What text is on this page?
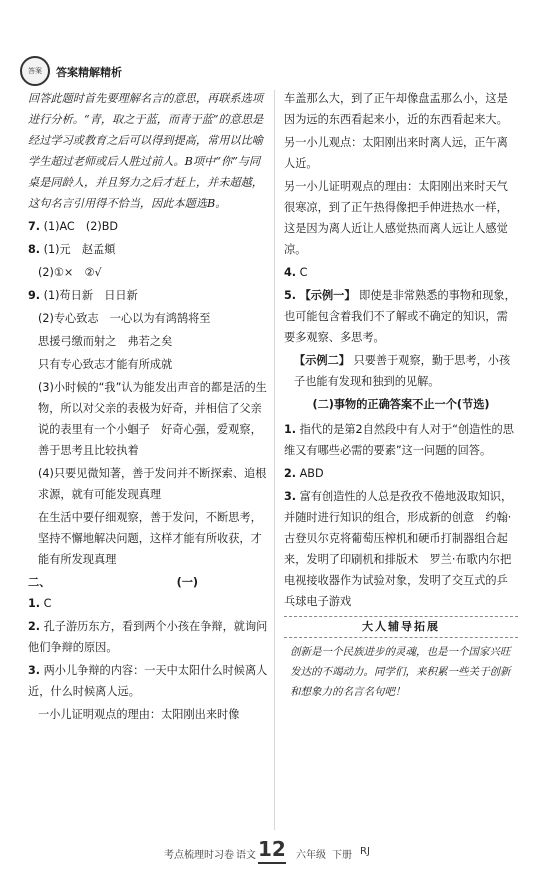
答案	答案精解精析

回答此题时首先要理解名言的意思，再联系选项进行分析。“青，取之于蓝，而青于蓝”的意思是经过学习或教育之后可以得到提高，常用以比喻学生超过老师或后人胜过前人。B项中“你”与同桌是同龄人，并且努力之后才赶上，并未超越，这句名言引用得不恰当，因此本题选B。

7. (1)AC　(2)BD

8. (1)元　赵孟頫

(2)①×　②√

9. (1)苟日新　日日新

(2)专心致志　一心以为有鸿鹄将至

思援弓缴而射之　弗若之矣

只有专心致志才能有所成就

(3)小时候的“我”认为能发出声音的都是活的生物，所以对父亲的表极为好奇，并相信了父亲说的表里有一个小蝈子　好奇心强，爱观察，善于思考且比较执着

(4)只要见微知著，善于发问并不断探索、追根求源，就有可能发现真理

在生活中要仔细观察，善于发问，不断思考，坚持不懈地解决问题，这样才能有所收获，才能有所发现真理

二、	(一)

1. C

2. 孔子游历东方，看到两个小孩在争辩，就询问他们争辩的原因。

3. 两小儿争辩的内容：一天中太阳什么时候离人近，什么时候离人远。

一小儿证明观点的理由：太阳刚出来时像

车盖那么大，到了正午却像盘盂那么小，这是因为远的东西看起来小，近的东西看起来大。

另一小儿观点：太阳刚出来时离人远，正午离人近。

另一小儿证明观点的理由：太阳刚出来时天气很寒凉，到了正午热得像把手伸进热水一样，这是因为离人近让人感觉热而离人远让人感觉凉。

4. C

5. 【示例一】 即使是非常熟悉的事物和现象，也可能包含着我们不了解或不确定的知识，需要多观察、多思考。

【示例二】 只要善于观察，勤于思考，小孩子也能有发现和独到的见解。

(二)事物的正确答案不止一个(节选)

1. 指代的是第2自然段中有人对于“创造性的思维又有哪些必需的要素”这一问题的回答。

2. ABD

3. 富有创造性的人总是孜孜不倦地汲取知识，并随时进行知识的组合，形成新的创意　约翰·古登贝尔克将葡萄压榨机和硬币打制器组合起来，发明了印刷机和排版术　罗兰·布歌内尔把电视接收器作为试验对象，发明了交互式的乒乓球电子游戏

大人辅导拓展

创新是一个民族进步的灵魂，也是一个国家兴旺发达的不竭动力。同学们，来积累一些关于创新和想象力的名言名句吧！

考点梳理时习卷 语文 12 六年级 下册 RJ
